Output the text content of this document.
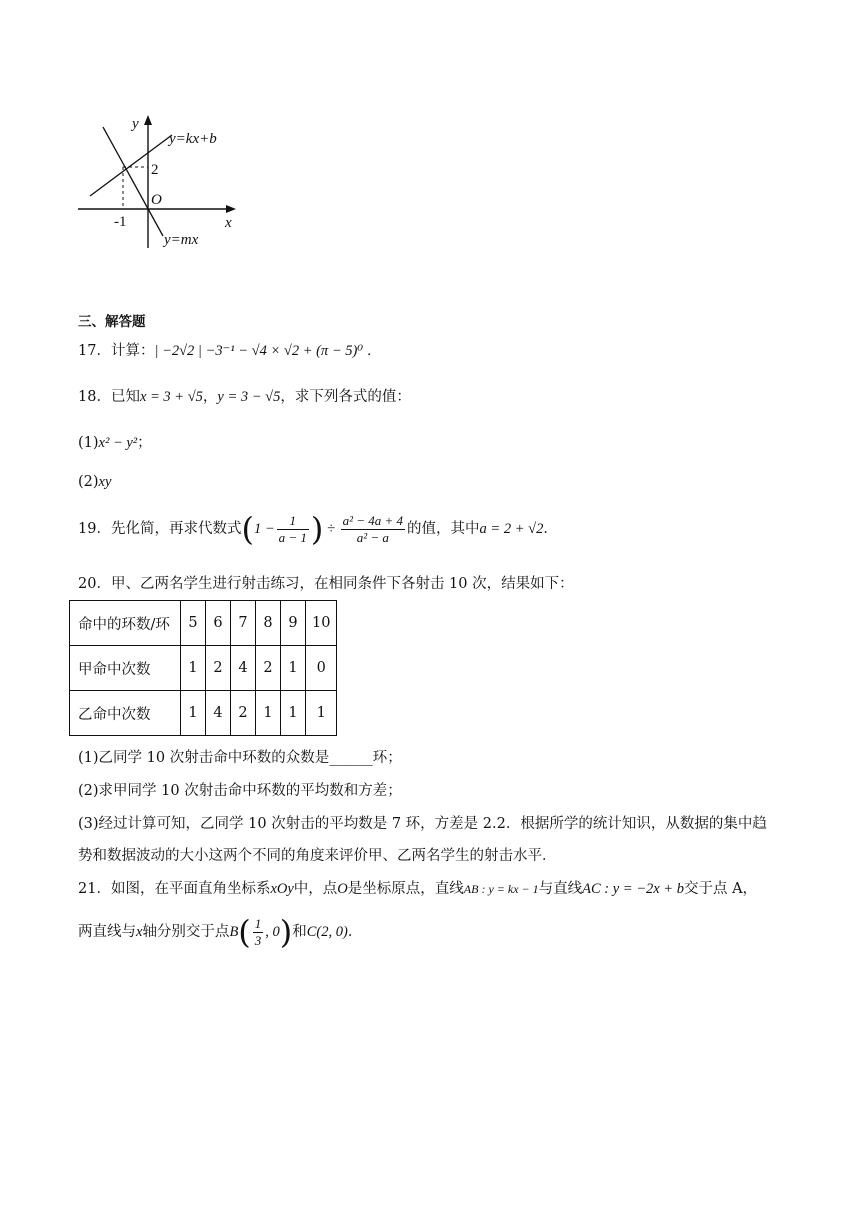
y
x
O
y=kx+b
y=mx
2
-1
三、解答题
17．计算：| −2√2 | −3⁻¹ − √4 × √2 + (π − 5)⁰ ．
18．已知x = 3 + √5，y = 3 − √5，求下列各式的值：
(1)x² − y²；
(2)xy
19．先化简，再求代数式($1 - \frac{1}{a - 1}$ ) ÷ $\frac{\text{a² − 4a + 4}}{\text{a² − a}}$ 的值，其中a = 2 + √2．
20．甲、乙两名学生进行射击练习，在相同条件下各射击 10 次，结果如下：
命中的环数/环	5	6	7	8	9	10
甲命中次数	1	2	4	2	1	0
乙命中次数	1	4	2	1	1	1
(1)乙同学 10 次射击命中环数的众数是______环；
(2)求甲同学 10 次射击命中环数的平均数和方差；
(3)经过计算可知，乙同学 10 次射击的平均数是 7 环，方差是 2.2．根据所学的统计知识，从数据的集中趋
势和数据波动的大小这两个不同的角度来评价甲、乙两名学生的射击水平．
21．如图，在平面直角坐标系xOy中，点O是坐标原点，直线AB : y = kx − 1与直线AC : y = −2x + b交于点 A，
两直线与x轴分别交于点$B( \frac{1}{3}$ , 0)和C(2, 0)．
